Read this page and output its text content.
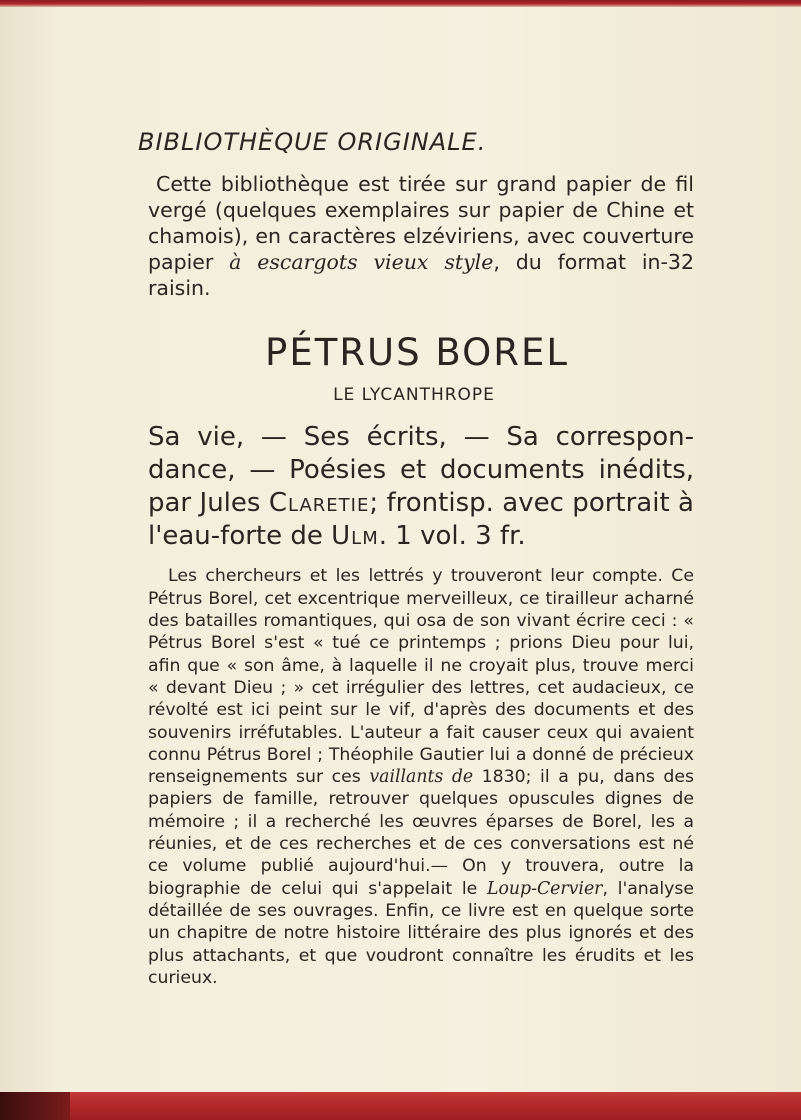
BIBLIOTHÈQUE ORIGINALE.

Cette bibliothèque est tirée sur grand papier de fil vergé (quelques exemplaires sur papier de Chine et chamois), en caractères elzéviriens, avec couverture papier à escargots vieux style, du format in-32 raisin.

PÉTRUS BOREL
LE LYCANTHROPE
Sa vie, — Ses écrits, — Sa correspondance, — Poésies et documents inédits, par Jules Claretie; frontisp. avec portrait à l'eau-forte de Ulm. 1 vol. 3 fr.

Les chercheurs et les lettrés y trouveront leur compte. Ce Pétrus Borel, cet excentrique merveilleux, ce tirailleur acharné des batailles romantiques, qui osa de son vivant écrire ceci : « Pétrus Borel s'est « tué ce printemps ; prions Dieu pour lui, afin que « son âme, à laquelle il ne croyait plus, trouve merci « devant Dieu ; » cet irrégulier des lettres, cet audacieux, ce révolté est ici peint sur le vif, d'après des documents et des souvenirs irréfutables. L'auteur a fait causer ceux qui avaient connu Pétrus Borel ; Théophile Gautier lui a donné de précieux renseignements sur ces vaillants de 1830; il a pu, dans des papiers de famille, retrouver quelques opuscules dignes de mémoire ; il a recherché les œuvres éparses de Borel, les a réunies, et de ces recherches et de ces conversations est né ce volume publié aujourd'hui.— On y trouvera, outre la biographie de celui qui s'appelait le Loup-Cervier, l'analyse détaillée de ses ouvrages. Enfin, ce livre est en quelque sorte un chapitre de notre histoire littéraire des plus ignorés et des plus attachants, et que voudront connaître les érudits et les curieux.
